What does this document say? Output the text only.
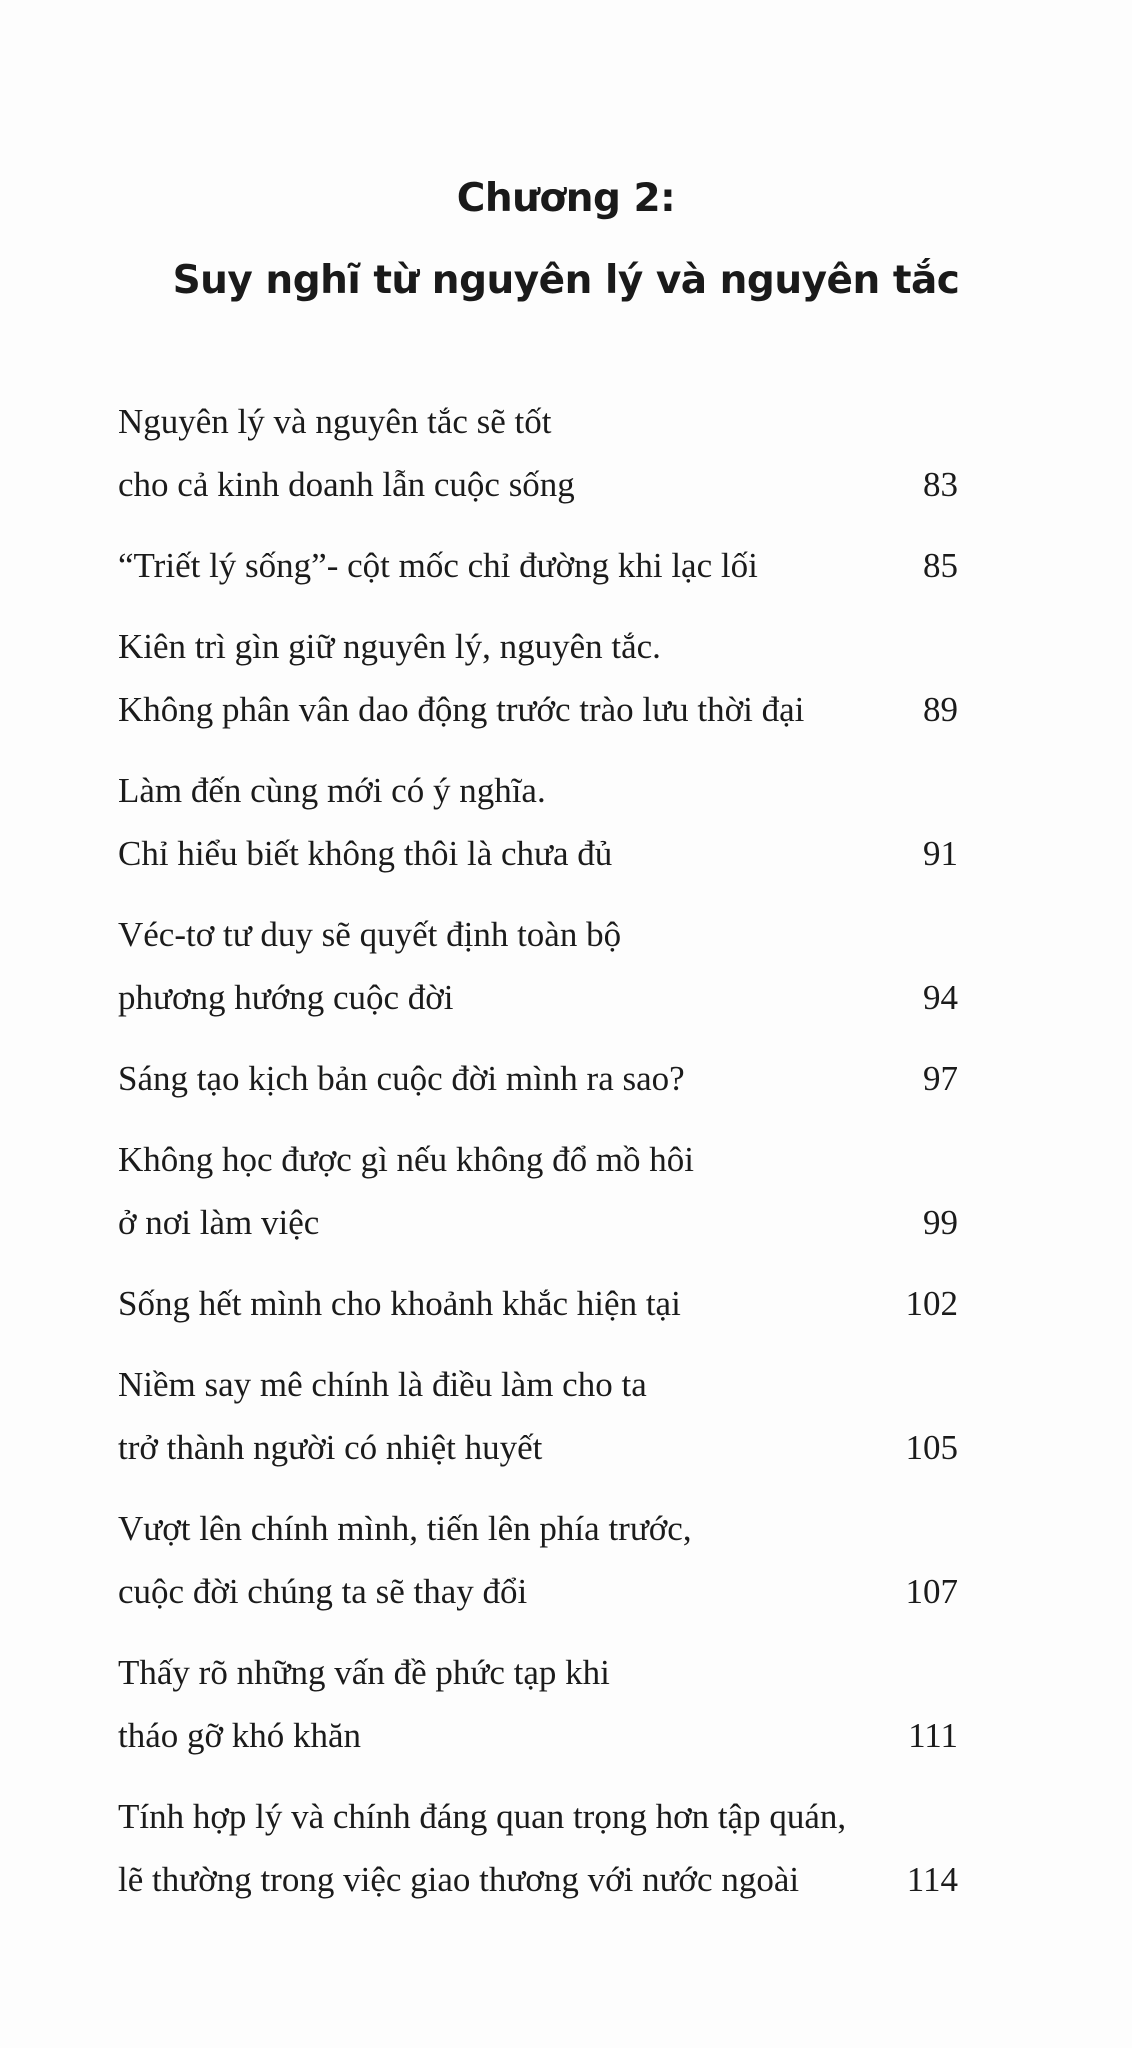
Chương 2:
Suy nghĩ từ nguyên lý và nguyên tắc
Nguyên lý và nguyên tắc sẽ tốt
cho cả kinh doanh lẫn cuộc sống	83
“Triết lý sống”- cột mốc chỉ đường khi lạc lối	85
Kiên trì gìn giữ nguyên lý, nguyên tắc.
Không phân vân dao động trước trào lưu thời đại	89
Làm đến cùng mới có ý nghĩa.
Chỉ hiểu biết không thôi là chưa đủ	91
Véc-tơ tư duy sẽ quyết định toàn bộ
phương hướng cuộc đời	94
Sáng tạo kịch bản cuộc đời mình ra sao?	97
Không học được gì nếu không đổ mồ hôi
ở nơi làm việc	99
Sống hết mình cho khoảnh khắc hiện tại	102
Niềm say mê chính là điều làm cho ta
trở thành người có nhiệt huyết	105
Vượt lên chính mình, tiến lên phía trước,
cuộc đời chúng ta sẽ thay đổi	107
Thấy rõ những vấn đề phức tạp khi
tháo gỡ khó khăn	111
Tính hợp lý và chính đáng quan trọng hơn tập quán,
lẽ thường trong việc giao thương với nước ngoài	114
